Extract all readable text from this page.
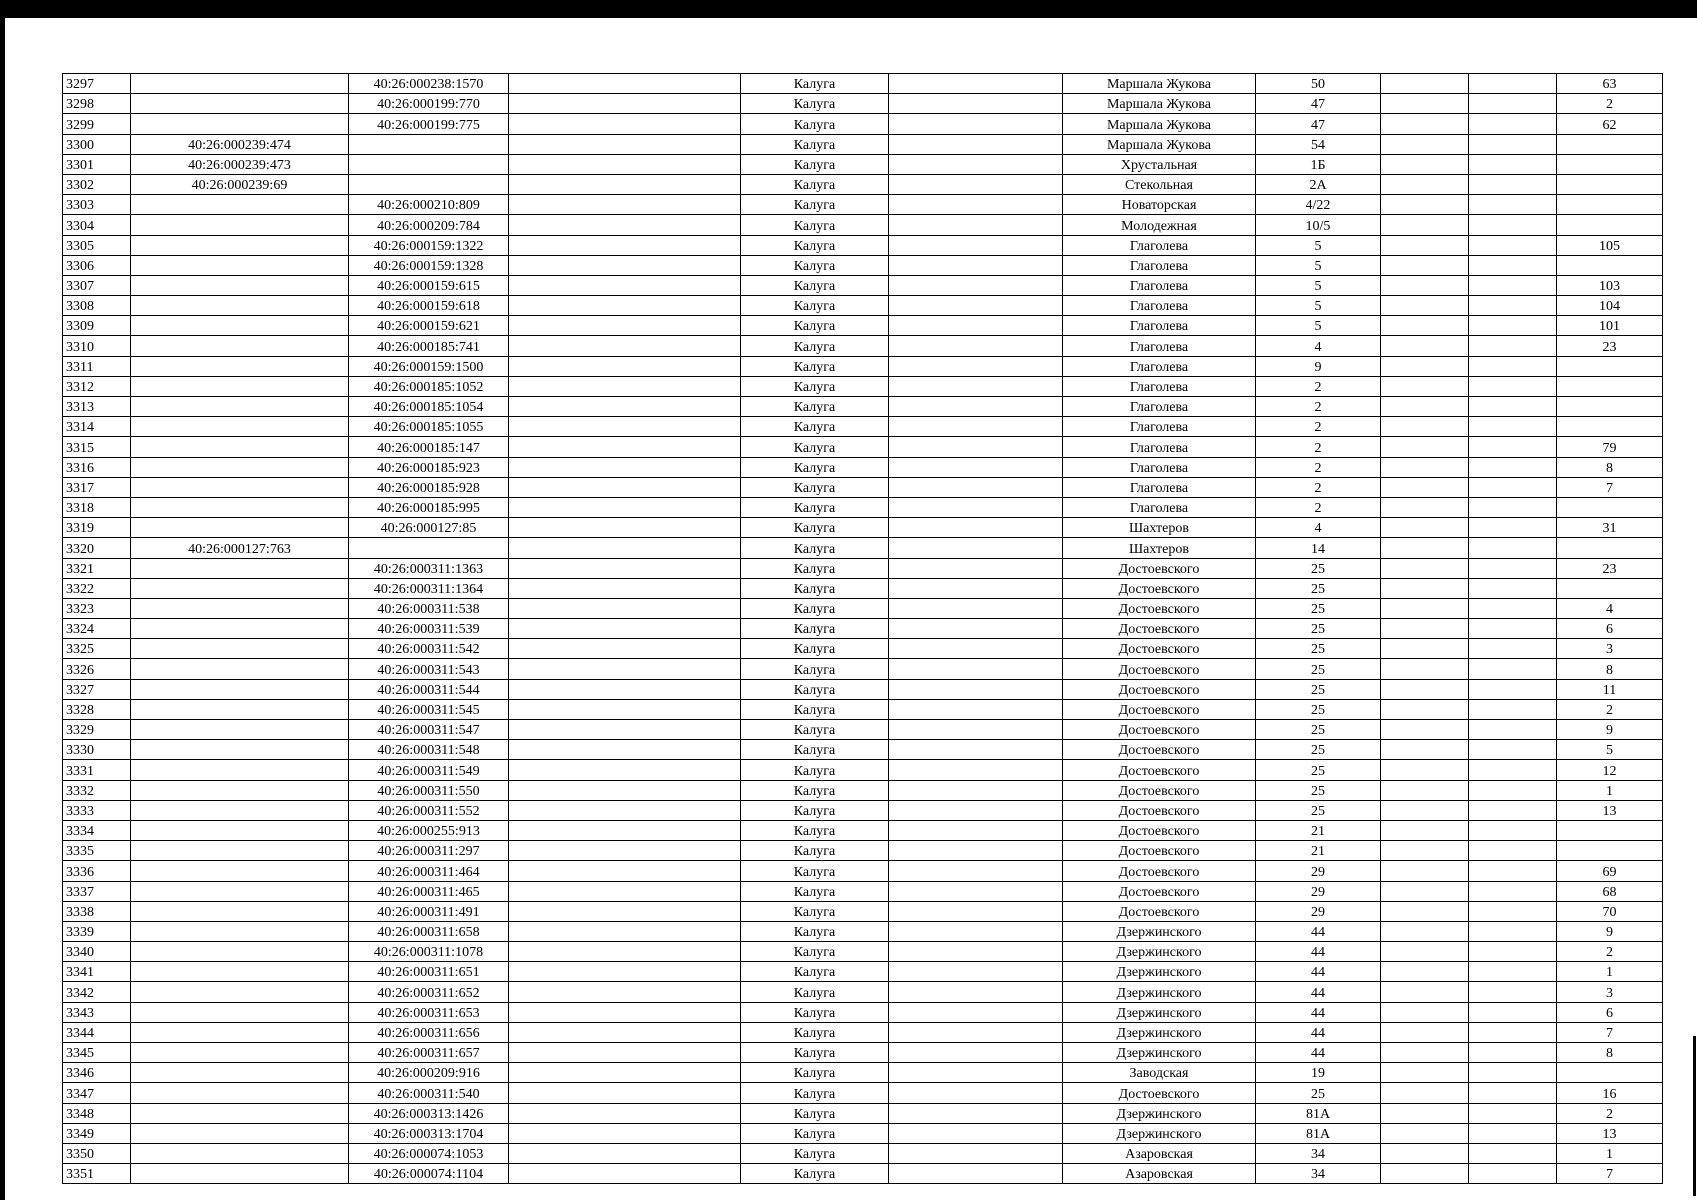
3297		40:26:000238:1570		Калуга		Маршала Жукова	50			63
3298		40:26:000199:770		Калуга		Маршала Жукова	47			2
3299		40:26:000199:775		Калуга		Маршала Жукова	47			62
3300	40:26:000239:474			Калуга		Маршала Жукова	54			
3301	40:26:000239:473			Калуга		Хрустальная	1Б			
3302	40:26:000239:69			Калуга		Стекольная	2А			
3303		40:26:000210:809		Калуга		Новаторская	4/22			
3304		40:26:000209:784		Калуга		Молодежная	10/5			
3305		40:26:000159:1322		Калуга		Глаголева	5			105
3306		40:26:000159:1328		Калуга		Глаголева	5			
3307		40:26:000159:615		Калуга		Глаголева	5			103
3308		40:26:000159:618		Калуга		Глаголева	5			104
3309		40:26:000159:621		Калуга		Глаголева	5			101
3310		40:26:000185:741		Калуга		Глаголева	4			23
3311		40:26:000159:1500		Калуга		Глаголева	9			
3312		40:26:000185:1052		Калуга		Глаголева	2			
3313		40:26:000185:1054		Калуга		Глаголева	2			
3314		40:26:000185:1055		Калуга		Глаголева	2			
3315		40:26:000185:147		Калуга		Глаголева	2			79
3316		40:26:000185:923		Калуга		Глаголева	2			8
3317		40:26:000185:928		Калуга		Глаголева	2			7
3318		40:26:000185:995		Калуга		Глаголева	2			
3319		40:26:000127:85		Калуга		Шахтеров	4			31
3320	40:26:000127:763			Калуга		Шахтеров	14			
3321		40:26:000311:1363		Калуга		Достоевского	25			23
3322		40:26:000311:1364		Калуга		Достоевского	25			
3323		40:26:000311:538		Калуга		Достоевского	25			4
3324		40:26:000311:539		Калуга		Достоевского	25			6
3325		40:26:000311:542		Калуга		Достоевского	25			3
3326		40:26:000311:543		Калуга		Достоевского	25			8
3327		40:26:000311:544		Калуга		Достоевского	25			11
3328		40:26:000311:545		Калуга		Достоевского	25			2
3329		40:26:000311:547		Калуга		Достоевского	25			9
3330		40:26:000311:548		Калуга		Достоевского	25			5
3331		40:26:000311:549		Калуга		Достоевского	25			12
3332		40:26:000311:550		Калуга		Достоевского	25			1
3333		40:26:000311:552		Калуга		Достоевского	25			13
3334		40:26:000255:913		Калуга		Достоевского	21			
3335		40:26:000311:297		Калуга		Достоевского	21			
3336		40:26:000311:464		Калуга		Достоевского	29			69
3337		40:26:000311:465		Калуга		Достоевского	29			68
3338		40:26:000311:491		Калуга		Достоевского	29			70
3339		40:26:000311:658		Калуга		Дзержинского	44			9
3340		40:26:000311:1078		Калуга		Дзержинского	44			2
3341		40:26:000311:651		Калуга		Дзержинского	44			1
3342		40:26:000311:652		Калуга		Дзержинского	44			3
3343		40:26:000311:653		Калуга		Дзержинского	44			6
3344		40:26:000311:656		Калуга		Дзержинского	44			7
3345		40:26:000311:657		Калуга		Дзержинского	44			8
3346		40:26:000209:916		Калуга		Заводская	19			
3347		40:26:000311:540		Калуга		Достоевского	25			16
3348		40:26:000313:1426		Калуга		Дзержинского	81А			2
3349		40:26:000313:1704		Калуга		Дзержинского	81А			13
3350		40:26:000074:1053		Калуга		Азаровская	34			1
3351		40:26:000074:1104		Калуга		Азаровская	34			7
